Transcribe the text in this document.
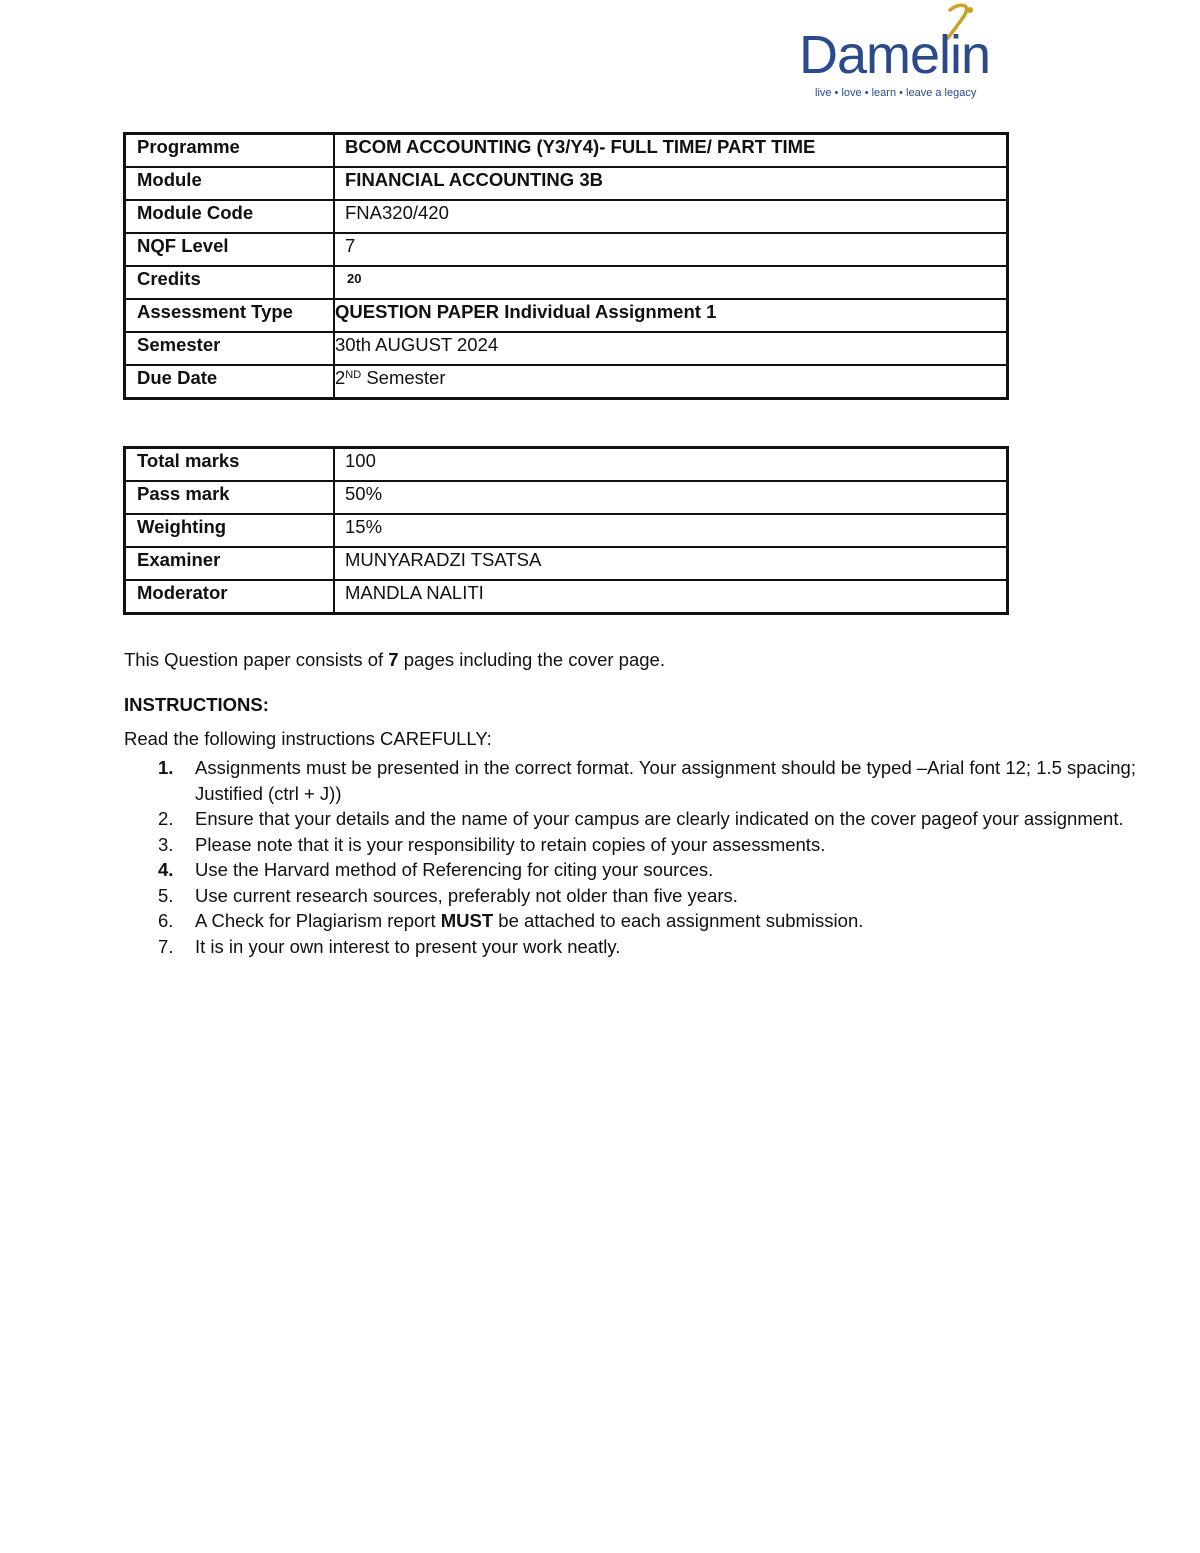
Damelin
live • love • learn • leave a legacy
Programme	BCOM ACCOUNTING (Y3/Y4)- FULL TIME/ PART TIME
Module	FINANCIAL ACCOUNTING 3B
Module Code	FNA320/420
NQF Level	7
Credits	20
Assessment Type	QUESTION PAPER Individual Assignment 1
Semester	30th AUGUST 2024
Due Date	2ND Semester
Total marks	100
Pass mark	50%
Weighting	15%
Examiner	MUNYARADZI TSATSA
Moderator	MANDLA NALITI
This Question paper consists of 7 pages including the cover page.
INSTRUCTIONS:
Read the following instructions CAREFULLY:
1. Assignments must be presented in the correct format. Your assignment should be typed –Arial font 12; 1.5 spacing; Justified (ctrl + J))
2. Ensure that your details and the name of your campus are clearly indicated on the cover pageof your assignment.
3. Please note that it is your responsibility to retain copies of your assessments.
4. Use the Harvard method of Referencing for citing your sources.
5. Use current research sources, preferably not older than five years.
6. A Check for Plagiarism report MUST be attached to each assignment submission.
7. It is in your own interest to present your work neatly.
